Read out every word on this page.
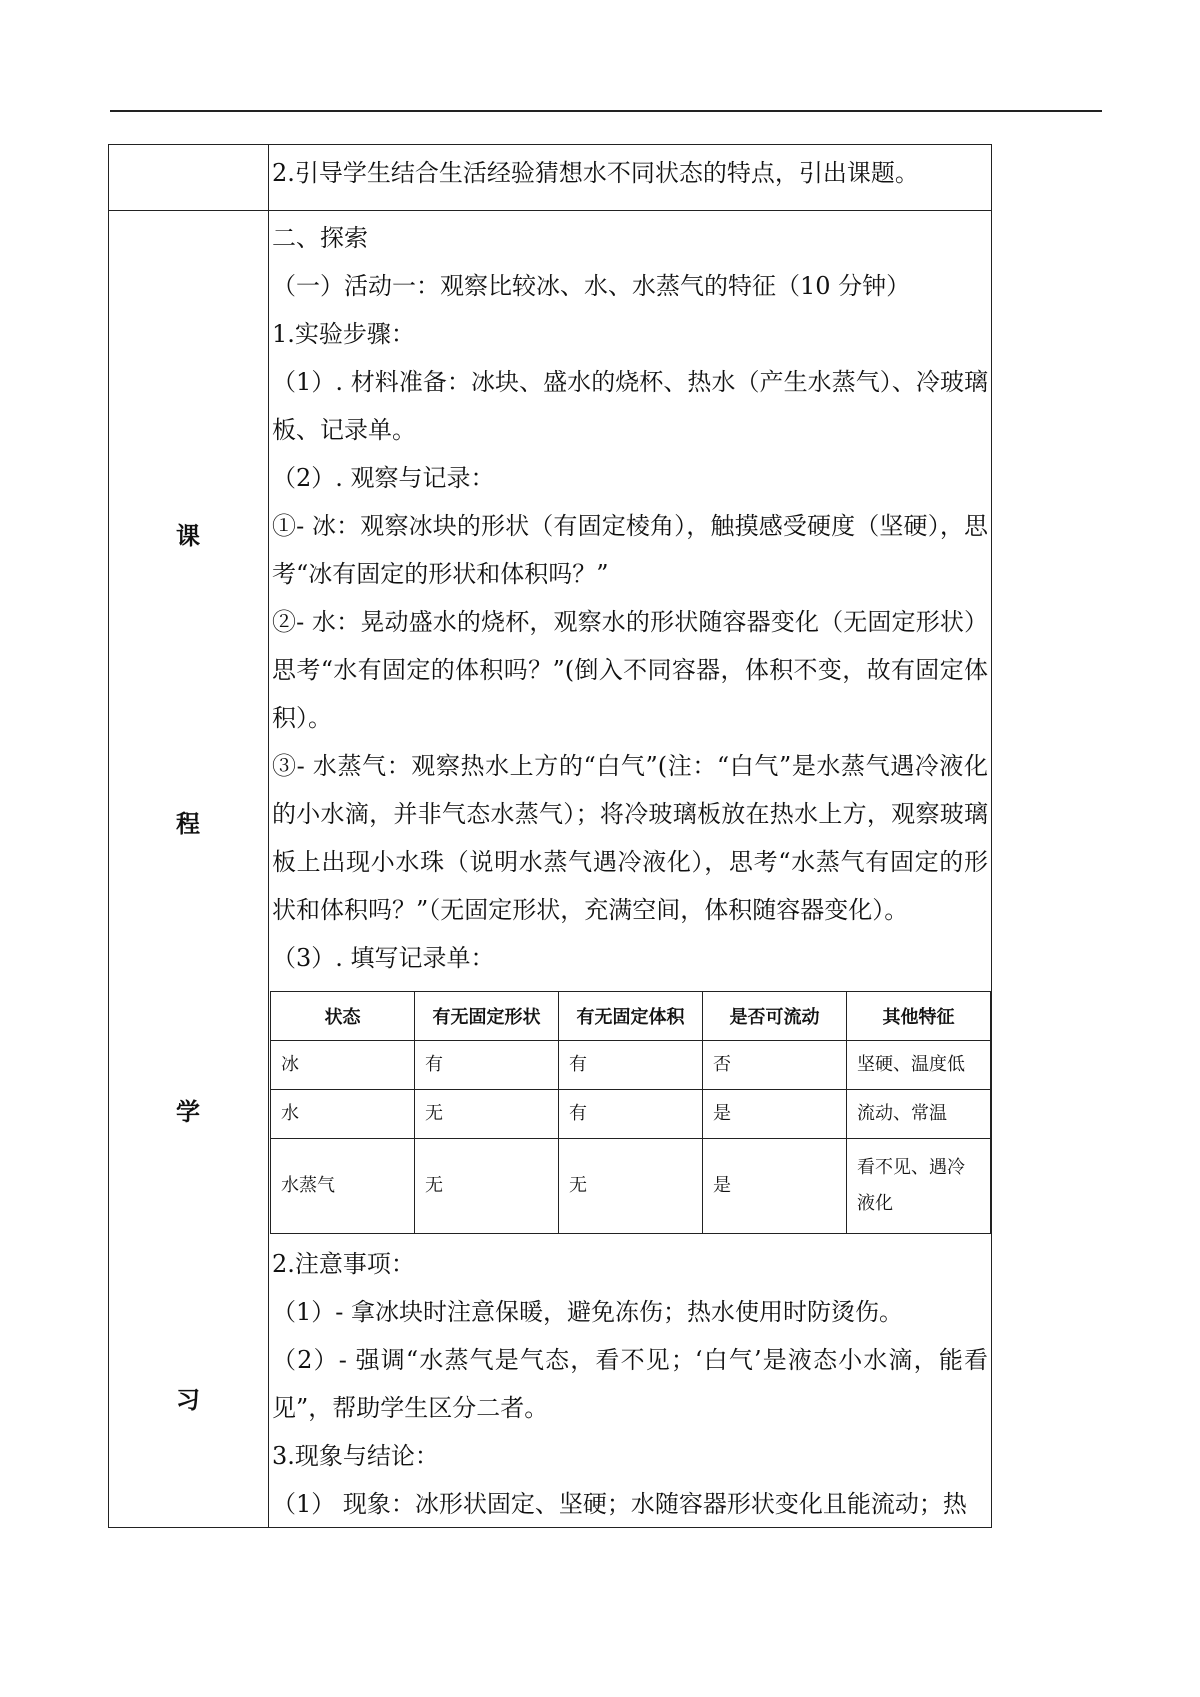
2.引导学生结合生活经验猜想水不同状态的特点，引出课题。
课
程
学
习

二、探索

（一）活动一：观察比较冰、水、水蒸气的特征（10 分钟）

1.实验步骤：

（1）. 材料准备：冰块、盛水的烧杯、热水（产生水蒸气）、冷玻璃板、记录单。

（2）. 观察与记录：

①- 冰：观察冰块的形状（有固定棱角），触摸感受硬度（坚硬），思考“冰有固定的形状和体积吗？”

②- 水：晃动盛水的烧杯，观察水的形状随容器变化（无固定形状）思考“水有固定的体积吗？”(倒入不同容器，体积不变，故有固定体积）。

③- 水蒸气：观察热水上方的“白气”(注：“白气”是水蒸气遇冷液化的小水滴，并非气态水蒸气）；将冷玻璃板放在热水上方，观察玻璃板上出现小水珠（说明水蒸气遇冷液化），思考“水蒸气有固定的形状和体积吗？”（无固定形状，充满空间，体积随容器变化）。

（3）. 填写记录单：

状态	有无固定形状	有无固定体积	是否可流动	其他特征
冰	有	有	否	坚硬、温度低
水	无	有	是	流动、常温
水蒸气	无	无	是	看不见、遇冷液化

2.注意事项：

（1）- 拿冰块时注意保暖，避免冻伤；热水使用时防烫伤。

（2）- 强调“水蒸气是气态，看不见；‘白气’是液态小水滴，能看见”，帮助学生区分二者。

3.现象与结论：

（1） 现象：冰形状固定、坚硬；水随容器形状变化且能流动；热
